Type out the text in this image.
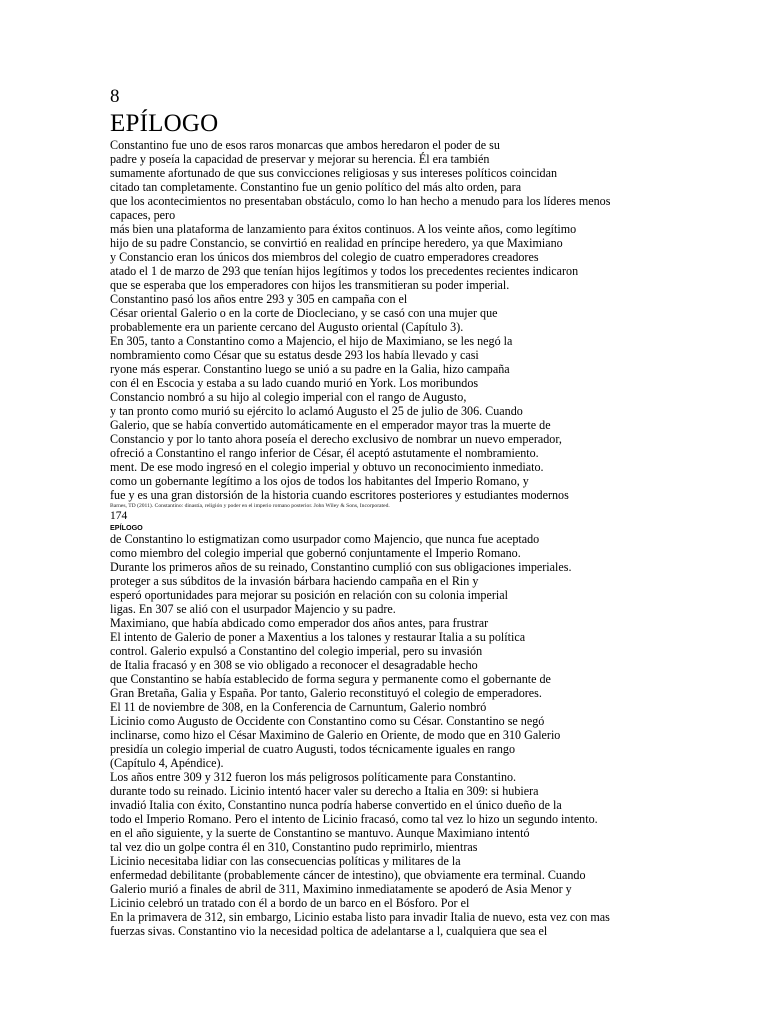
8
EPÍLOGO

Constantino fue uno de esos raros monarcas que ambos heredaron el poder de su

padre y poseía la capacidad de preservar y mejorar su herencia. Él era también

sumamente afortunado de que sus convicciones religiosas y sus intereses políticos coincidan

citado tan completamente. Constantino fue un genio político del más alto orden, para

que los acontecimientos no presentaban obstáculo, como lo han hecho a menudo para los líderes menos

capaces, pero

más bien una plataforma de lanzamiento para éxitos continuos. A los veinte años, como legítimo

hijo de su padre Constancio, se convirtió en realidad en príncipe heredero, ya que Maximiano

y Constancio eran los únicos dos miembros del colegio de cuatro emperadores creadores

atado el 1 de marzo de 293 que tenían hijos legítimos y todos los precedentes recientes indicaron

que se esperaba que los emperadores con hijos les transmitieran su poder imperial.

Constantino pasó los años entre 293 y 305 en campaña con el

César oriental Galerio o en la corte de Diocleciano, y se casó con una mujer que

probablemente era un pariente cercano del Augusto oriental (Capítulo 3).

En 305, tanto a Constantino como a Majencio, el hijo de Maximiano, se les negó la

nombramiento como César que su estatus desde 293 los había llevado y casi

ryone más esperar. Constantino luego se unió a su padre en la Galia, hizo campaña

con él en Escocia y estaba a su lado cuando murió en York. Los moribundos

Constancio nombró a su hijo al colegio imperial con el rango de Augusto,

y tan pronto como murió su ejército lo aclamó Augusto el 25 de julio de 306. Cuando

Galerio, que se había convertido automáticamente en el emperador mayor tras la muerte de

Constancio y por lo tanto ahora poseía el derecho exclusivo de nombrar un nuevo emperador,

ofreció a Constantino el rango inferior de César, él aceptó astutamente el nombramiento.

ment. De ese modo ingresó en el colegio imperial y obtuvo un reconocimiento inmediato.

como un gobernante legítimo a los ojos de todos los habitantes del Imperio Romano, y

fue y es una gran distorsión de la historia cuando escritores posteriores y estudiantes modernos

Barnes, TD (2011). Constantino: dinastía, religión y poder en el imperio romano posterior. John Wiley & Sons, Incorporated.
174
EPÍLOGO

de Constantino lo estigmatizan como usurpador como Majencio, que nunca fue aceptado

como miembro del colegio imperial que gobernó conjuntamente el Imperio Romano.

Durante los primeros años de su reinado, Constantino cumplió con sus obligaciones imperiales.

proteger a sus súbditos de la invasión bárbara haciendo campaña en el Rin y

esperó oportunidades para mejorar su posición en relación con su colonia imperial

ligas. En 307 se alió con el usurpador Majencio y su padre.

Maximiano, que había abdicado como emperador dos años antes, para frustrar

El intento de Galerio de poner a Maxentius a los talones y restaurar Italia a su política

control. Galerio expulsó a Constantino del colegio imperial, pero su invasión

de Italia fracasó y en 308 se vio obligado a reconocer el desagradable hecho

que Constantino se había establecido de forma segura y permanente como el gobernante de

Gran Bretaña, Galia y España. Por tanto, Galerio reconstituyó el colegio de emperadores.

El 11 de noviembre de 308, en la Conferencia de Carnuntum, Galerio nombró

Licinio como Augusto de Occidente con Constantino como su César. Constantino se negó

inclinarse, como hizo el César Maximino de Galerio en Oriente, de modo que en 310 Galerio

presidía un colegio imperial de cuatro Augusti, todos técnicamente iguales en rango

(Capítulo 4, Apéndice).

Los años entre 309 y 312 fueron los más peligrosos políticamente para Constantino.

durante todo su reinado. Licinio intentó hacer valer su derecho a Italia en 309: si hubiera

invadió Italia con éxito, Constantino nunca podría haberse convertido en el único dueño de la

todo el Imperio Romano. Pero el intento de Licinio fracasó, como tal vez lo hizo un segundo intento.

en el año siguiente, y la suerte de Constantino se mantuvo. Aunque Maximiano intentó

tal vez dio un golpe contra él en 310, Constantino pudo reprimirlo, mientras

Licinio necesitaba lidiar con las consecuencias políticas y militares de la

enfermedad debilitante (probablemente cáncer de intestino), que obviamente era terminal. Cuando

Galerio murió a finales de abril de 311, Maximino inmediatamente se apoderó de Asia Menor y

Licinio celebró un tratado con él a bordo de un barco en el Bósforo. Por el

En la primavera de 312, sin embargo, Licinio estaba listo para invadir Italia de nuevo, esta vez con mas

fuerzas sivas. Constantino vio la necesidad poltica de adelantarse a l, cualquiera que sea el
